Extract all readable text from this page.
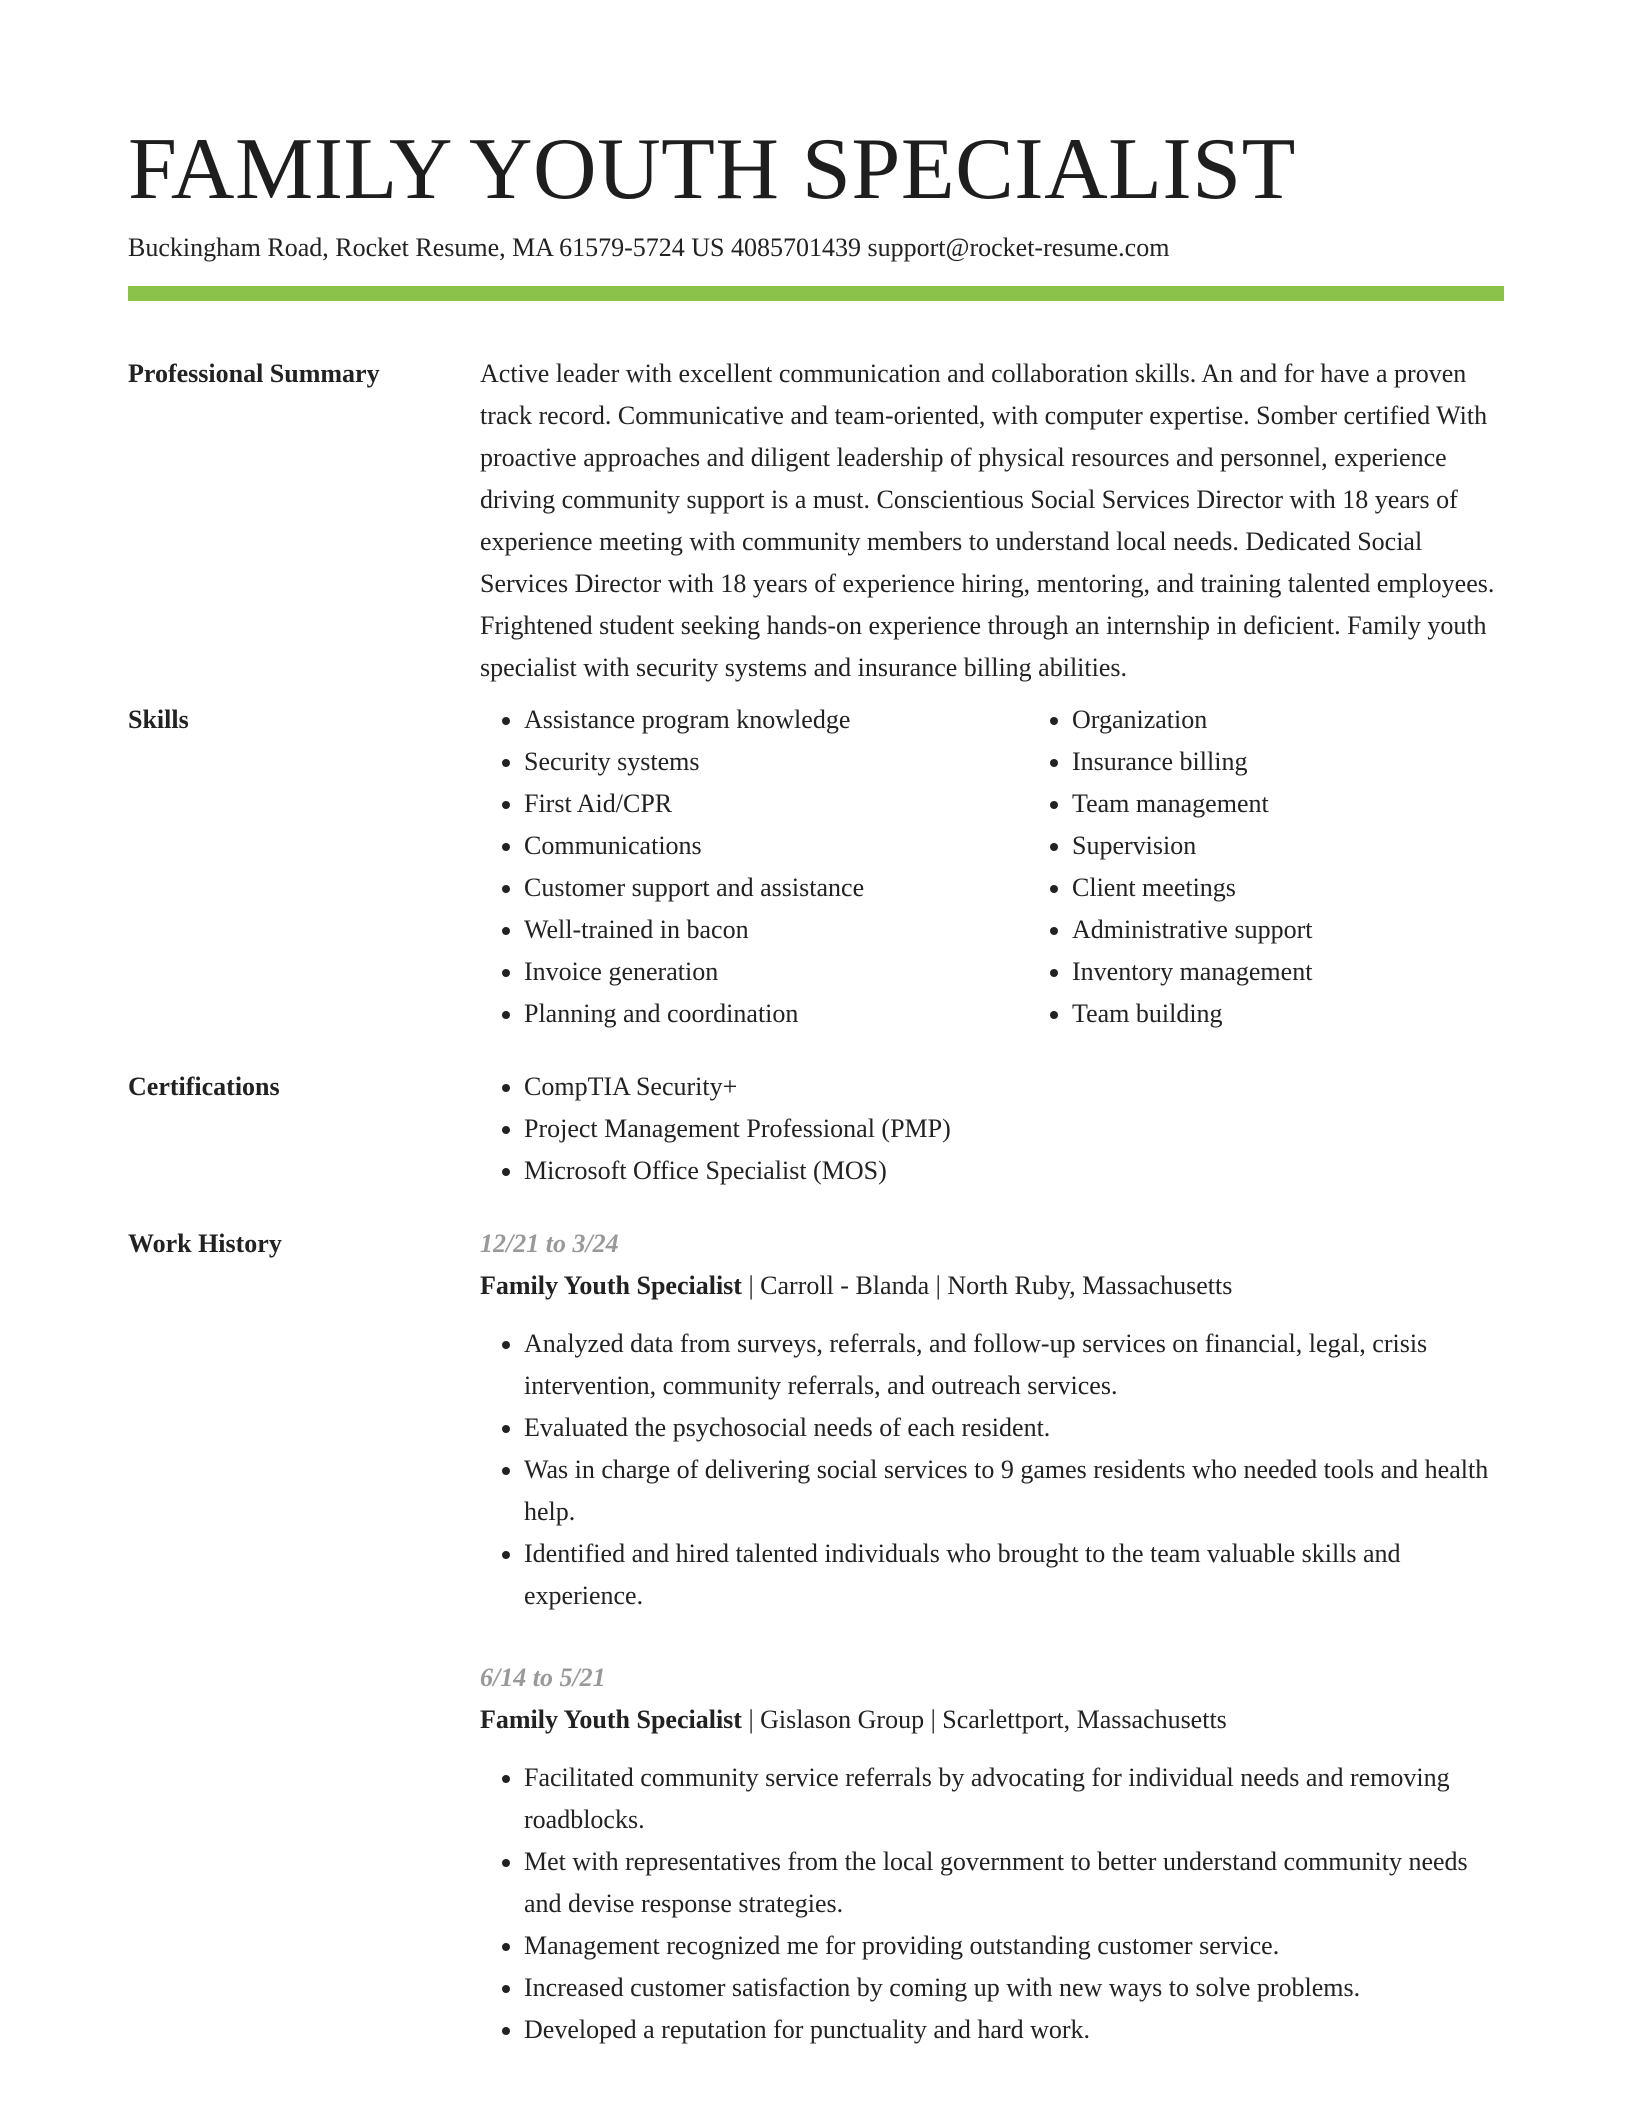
FAMILY YOUTH SPECIALIST
Buckingham Road, Rocket Resume, MA 61579-5724 US 4085701439 support@rocket-resume.com
Professional Summary	Active leader with excellent communication and collaboration skills. An and for have a proven track record. Communicative and team-oriented, with computer expertise. Somber certified With proactive approaches and diligent leadership of physical resources and personnel, experience driving community support is a must. Conscientious Social Services Director with 18 years of experience meeting with community members to understand local needs. Dedicated Social Services Director with 18 years of experience hiring, mentoring, and training talented employees. Frightened student seeking hands-on experience through an internship in deficient. Family youth specialist with security systems and insurance billing abilities.

Skills	• Assistance program knowledge
• Security systems
• First Aid/CPR
• Communications
• Customer support and assistance
• Well-trained in bacon
• Invoice generation
• Planning and coordination
• Organization
• Insurance billing
• Team management
• Supervision
• Client meetings
• Administrative support
• Inventory management
• Team building
Certifications	• CompTIA Security+
• Project Management Professional (PMP)
• Microsoft Office Specialist (MOS)
Work History	12/21 to 3/24
Family Youth Specialist | Carroll - Blanda | North Ruby, Massachusetts
• Analyzed data from surveys, referrals, and follow-up services on financial, legal, crisis intervention, community referrals, and outreach services.
• Evaluated the psychosocial needs of each resident.
• Was in charge of delivering social services to 9 games residents who needed tools and health help.
• Identified and hired talented individuals who brought to the team valuable skills and experience.
6/14 to 5/21
Family Youth Specialist | Gislason Group | Scarlettport, Massachusetts
• Facilitated community service referrals by advocating for individual needs and removing roadblocks.
• Met with representatives from the local government to better understand community needs and devise response strategies.
• Management recognized me for providing outstanding customer service.
• Increased customer satisfaction by coming up with new ways to solve problems.
• Developed a reputation for punctuality and hard work.
